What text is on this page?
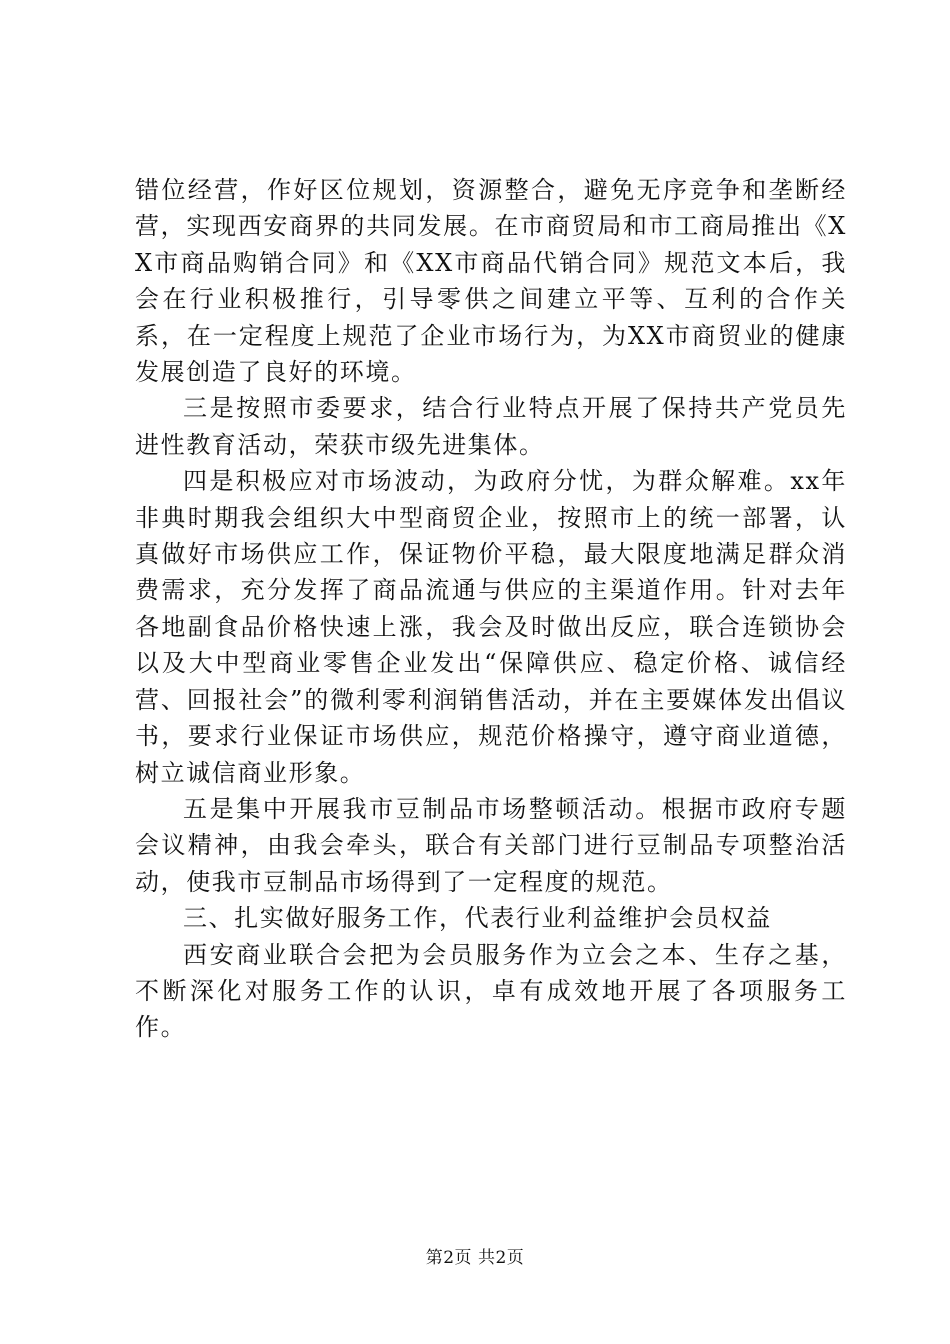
错位经营，作好区位规划，资源整合，避免无序竞争和垄断经营，实现西安商界的共同发展。在市商贸局和市工商局推出《XX市商品购销合同》和《XX市商品代销合同》规范文本后，我会在行业积极推行，引导零供之间建立平等、互利的合作关系，在一定程度上规范了企业市场行为，为XX市商贸业的健康发展创造了良好的环境。

三是按照市委要求，结合行业特点开展了保持共产党员先进性教育活动，荣获市级先进集体。

四是积极应对市场波动，为政府分忧，为群众解难。xx年非典时期我会组织大中型商贸企业，按照市上的统一部署，认真做好市场供应工作，保证物价平稳，最大限度地满足群众消费需求，充分发挥了商品流通与供应的主渠道作用。针对去年各地副食品价格快速上涨，我会及时做出反应，联合连锁协会以及大中型商业零售企业发出“保障供应、稳定价格、诚信经营、回报社会”的微利零利润销售活动，并在主要媒体发出倡议书，要求行业保证市场供应，规范价格操守，遵守商业道德，树立诚信商业形象。

五是集中开展我市豆制品市场整顿活动。根据市政府专题会议精神，由我会牵头，联合有关部门进行豆制品专项整治活动，使我市豆制品市场得到了一定程度的规范。

三、扎实做好服务工作，代表行业利益维护会员权益

西安商业联合会把为会员服务作为立会之本、生存之基，不断深化对服务工作的认识，卓有成效地开展了各项服务工作。

第2页 共2页
